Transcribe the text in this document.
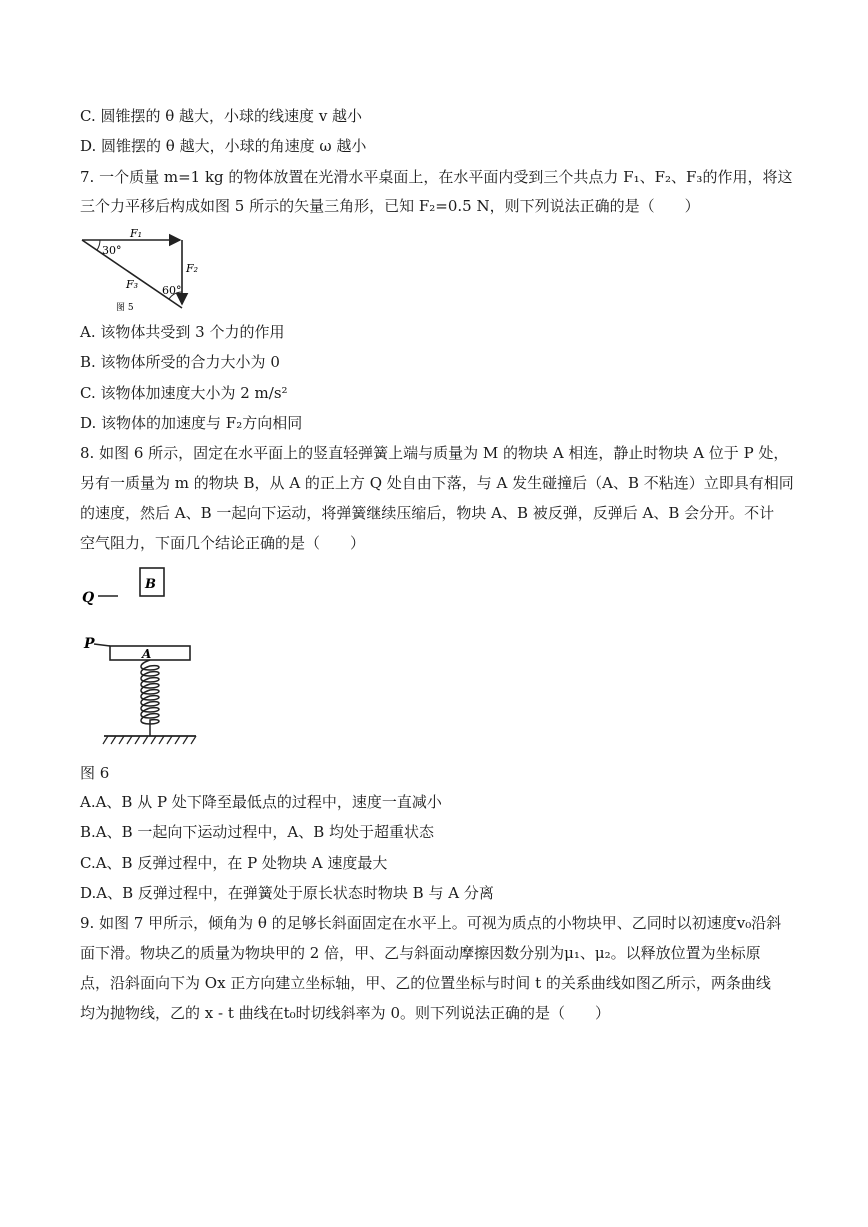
C. 圆锥摆的 θ 越大，小球的线速度 v 越小
D. 圆锥摆的 θ 越大，小球的角速度 ω 越小
7. 一个质量 m=1 kg 的物体放置在光滑水平桌面上，在水平面内受到三个共点力 F₁、F₂、F₃的作用，将这
三个力平移后构成如图 5 所示的矢量三角形，已知 F₂=0.5 N，则下列说法正确的是（　　）
F₁
F₂
F₃
30°
60°
图 5
A. 该物体共受到 3 个力的作用
B. 该物体所受的合力大小为 0
C. 该物体加速度大小为 2 m/s²
D. 该物体的加速度与 F₂方向相同
8. 如图 6 所示，固定在水平面上的竖直轻弹簧上端与质量为 M 的物块 A 相连，静止时物块 A 位于 P 处，
另有一质量为 m 的物块 B，从 A 的正上方 Q 处自由下落，与 A 发生碰撞后（A、B 不粘连）立即具有相同
的速度，然后 A、B 一起向下运动，将弹簧继续压缩后，物块 A、B 被反弹，反弹后 A、B 会分开。不计
空气阻力，下面几个结论正确的是（　　）
Q
B
P
A
图 6
A.A、B 从 P 处下降至最低点的过程中，速度一直减小
B.A、B 一起向下运动过程中，A、B 均处于超重状态
C.A、B 反弹过程中，在 P 处物块 A 速度最大
D.A、B 反弹过程中，在弹簧处于原长状态时物块 B 与 A 分离
9. 如图 7 甲所示，倾角为 θ 的足够长斜面固定在水平上。可视为质点的小物块甲、乙同时以初速度v₀沿斜
面下滑。物块乙的质量为物块甲的 2 倍，甲、乙与斜面动摩擦因数分别为μ₁、μ₂。以释放位置为坐标原
点，沿斜面向下为 Ox 正方向建立坐标轴，甲、乙的位置坐标与时间 t 的关系曲线如图乙所示，两条曲线
均为抛物线，乙的 x - t 曲线在t₀时切线斜率为 0。则下列说法正确的是（　　）
